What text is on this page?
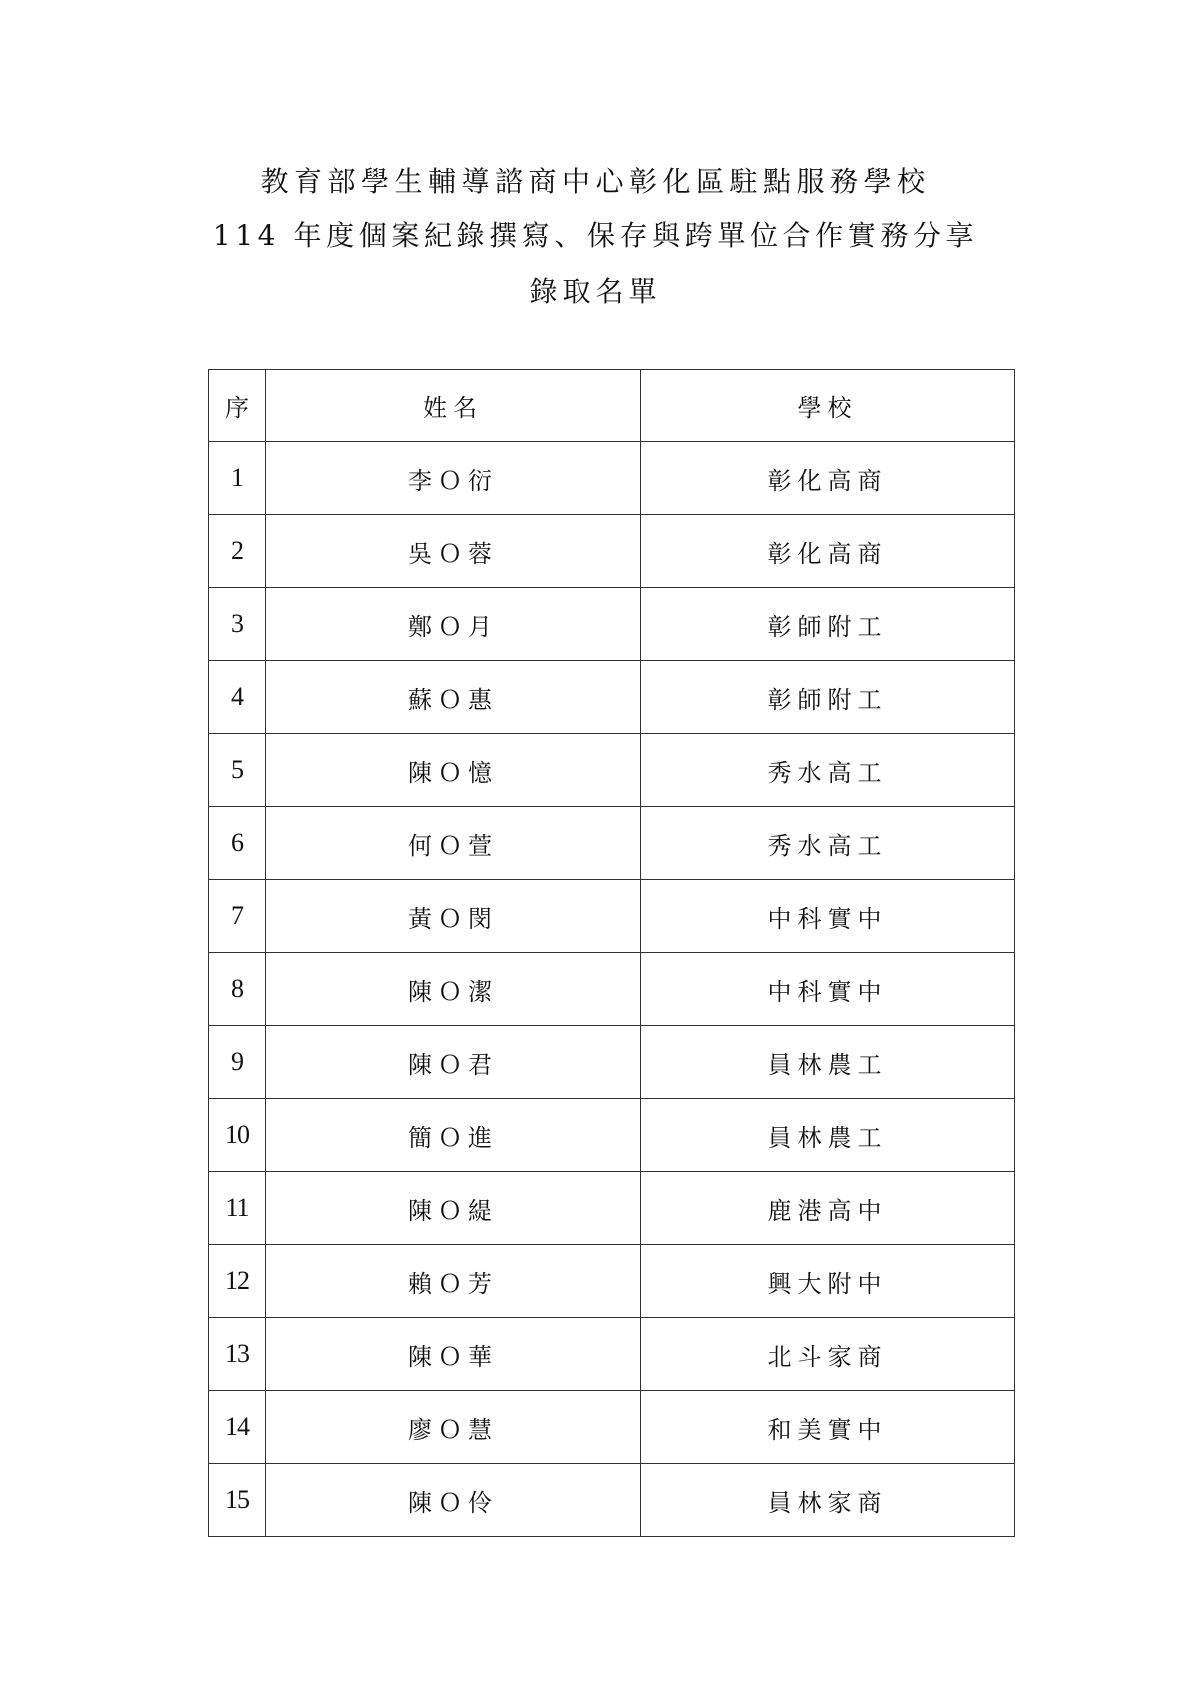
教育部學生輔導諮商中心彰化區駐點服務學校
114 年度個案紀錄撰寫、保存與跨單位合作實務分享
錄取名單
序	姓名	學校
1	李Ｏ衍	彰化高商
2	吳Ｏ蓉	彰化高商
3	鄭Ｏ月	彰師附工
4	蘇Ｏ惠	彰師附工
5	陳Ｏ憶	秀水高工
6	何Ｏ萱	秀水高工
7	黃Ｏ閔	中科實中
8	陳Ｏ潔	中科實中
9	陳Ｏ君	員林農工
10	簡Ｏ進	員林農工
11	陳Ｏ緹	鹿港高中
12	賴Ｏ芳	興大附中
13	陳Ｏ華	北斗家商
14	廖Ｏ慧	和美實中
15	陳Ｏ伶	員林家商
